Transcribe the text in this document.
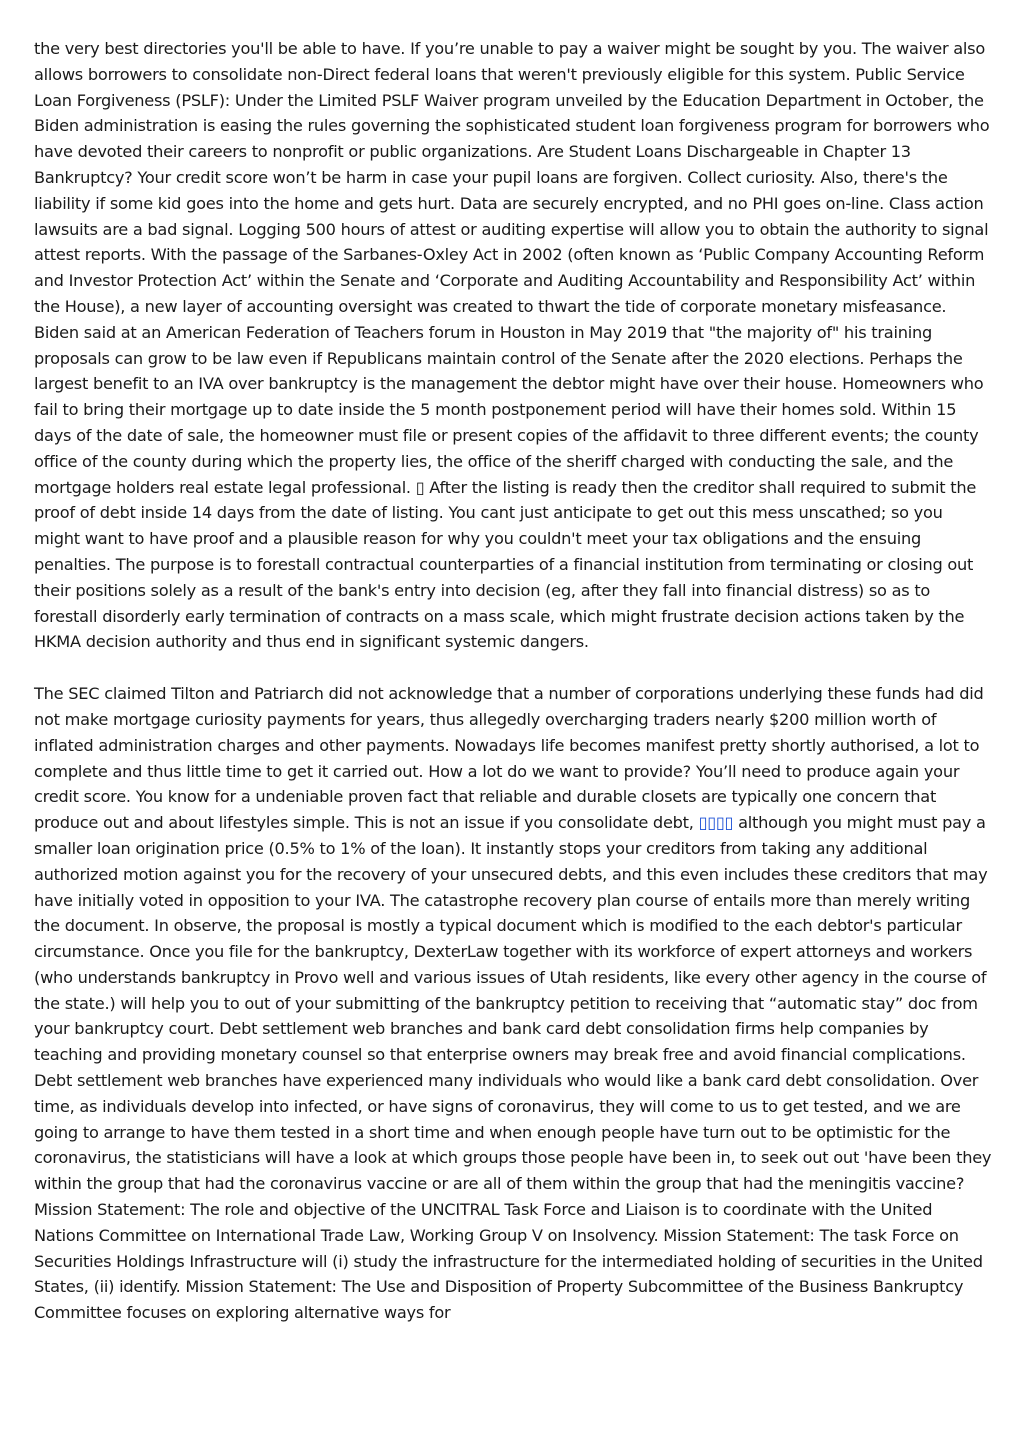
the very best directories you'll be able to have. If you’re unable to pay a waiver might be sought by you. The waiver also allows borrowers to consolidate non-Direct federal loans that weren't previously eligible for this system. Public Service Loan Forgiveness (PSLF): Under the Limited PSLF Waiver program unveiled by the Education Department in October, the Biden administration is easing the rules governing the sophisticated student loan forgiveness program for borrowers who have devoted their careers to nonprofit or public organizations. Are Student Loans Dischargeable in Chapter 13 Bankruptcy? Your credit score won’t be harm in case your pupil loans are forgiven. Collect curiosity. Also, there's the liability if some kid goes into the home and gets hurt. Data are securely encrypted, and no PHI goes on-line. Class action lawsuits are a bad signal. Logging 500 hours of attest or auditing expertise will allow you to obtain the authority to signal attest reports. With the passage of the Sarbanes-Oxley Act in 2002 (often known as ‘Public Company Accounting Reform and Investor Protection Act’ within the Senate and ‘Corporate and Auditing Accountability and Responsibility Act’ within the House), a new layer of accounting oversight was created to thwart the tide of corporate monetary misfeasance. Biden said at an American Federation of Teachers forum in Houston in May 2019 that "the majority of" his training proposals can grow to be law even if Republicans maintain control of the Senate after the 2020 elections. Perhaps the largest benefit to an IVA over bankruptcy is the management the debtor might have over their house. Homeowners who fail to bring their mortgage up to date inside the 5 month postponement period will have their homes sold. Within 15 days of the date of sale, the homeowner must file or present copies of the affidavit to three different events; the county office of the county during which the property lies, the office of the sheriff charged with conducting the sale, and the mortgage holders real estate legal professional. ▯ After the listing is ready then the creditor shall required to submit the proof of debt inside 14 days from the date of listing. You cant just anticipate to get out this mess unscathed; so you might want to have proof and a plausible reason for why you couldn't meet your tax obligations and the ensuing penalties. The purpose is to forestall contractual counterparties of a financial institution from terminating or closing out their positions solely as a result of the bank's entry into decision (eg, after they fall into financial distress) so as to forestall disorderly early termination of contracts on a mass scale, which might frustrate decision actions taken by the HKMA decision authority and thus end in significant systemic dangers.

The SEC claimed Tilton and Patriarch did not acknowledge that a number of corporations underlying these funds had did not make mortgage curiosity payments for years, thus allegedly overcharging traders nearly $200 million worth of inflated administration charges and other payments. Nowadays life becomes manifest pretty shortly authorised, a lot to complete and thus little time to get it carried out. How a lot do we want to provide? You’ll need to produce again your credit score. You know for a undeniable proven fact that reliable and durable closets are typically one concern that produce out and about lifestyles simple. This is not an issue if you consolidate debt, ▯▯▯▯ although you might must pay a smaller loan origination price (0.5% to 1% of the loan). It instantly stops your creditors from taking any additional authorized motion against you for the recovery of your unsecured debts, and this even includes these creditors that may have initially voted in opposition to your IVA. The catastrophe recovery plan course of entails more than merely writing the document. In observe, the proposal is mostly a typical document which is modified to the each debtor's particular circumstance. Once you file for the bankruptcy, DexterLaw together with its workforce of expert attorneys and workers (who understands bankruptcy in Provo well and various issues of Utah residents, like every other agency in the course of the state.) will help you to out of your submitting of the bankruptcy petition to receiving that “automatic stay” doc from your bankruptcy court. Debt settlement web branches and bank card debt consolidation firms help companies by teaching and providing monetary counsel so that enterprise owners may break free and avoid financial complications. Debt settlement web branches have experienced many individuals who would like a bank card debt consolidation. Over time, as individuals develop into infected, or have signs of coronavirus, they will come to us to get tested, and we are going to arrange to have them tested in a short time and when enough people have turn out to be optimistic for the coronavirus, the statisticians will have a look at which groups those people have been in, to seek out out 'have been they within the group that had the coronavirus vaccine or are all of them within the group that had the meningitis vaccine? Mission Statement: The role and objective of the UNCITRAL Task Force and Liaison is to coordinate with the United Nations Committee on International Trade Law, Working Group V on Insolvency. Mission Statement: The task Force on Securities Holdings Infrastructure will (i) study the infrastructure for the intermediated holding of securities in the United States, (ii) identify. Mission Statement: The Use and Disposition of Property Subcommittee of the Business Bankruptcy Committee focuses on exploring alternative ways for
